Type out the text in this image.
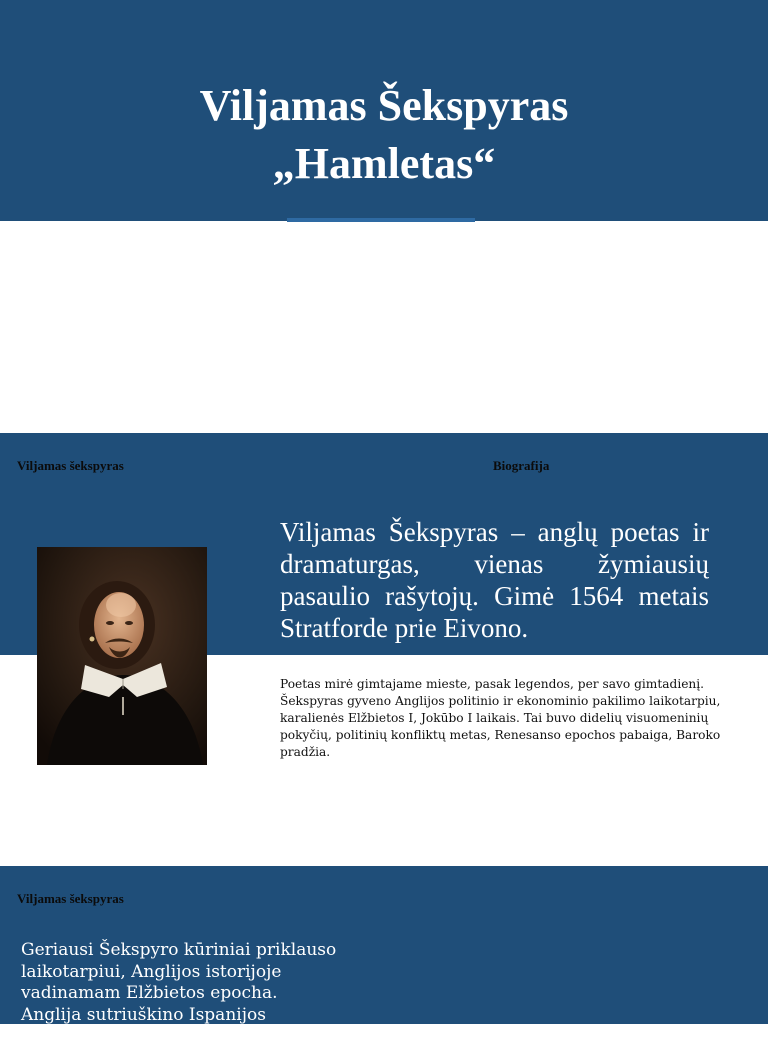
Viljamas Šekspyras
„Hamletas“
Viljamas šekspyras	Biografija

Viljamas Šekspyras – anglų poetas ir dramaturgas, vienas žymiausių pasaulio rašytojų. Gimė 1564 metais Stratforde prie Eivono.

Poetas mirė gimtajame mieste, pasak legendos, per savo gimtadienį. Šekspyras gyveno Anglijos politinio ir ekonominio pakilimo laikotarpiu, karalienės Elžbietos I, Jokūbo I laikais. Tai buvo didelių visuomeninių pokyčių, politinių konfliktų metas, Renesanso epochos pabaiga, Baroko pradžia.

Viljamas šekspyras

Geriausi Šekspyro kūriniai priklauso laikotarpiui, Anglijos istorijoje vadinamam Elžbietos epocha. Anglija sutriuškino Ispanijos Nenugalimąją
